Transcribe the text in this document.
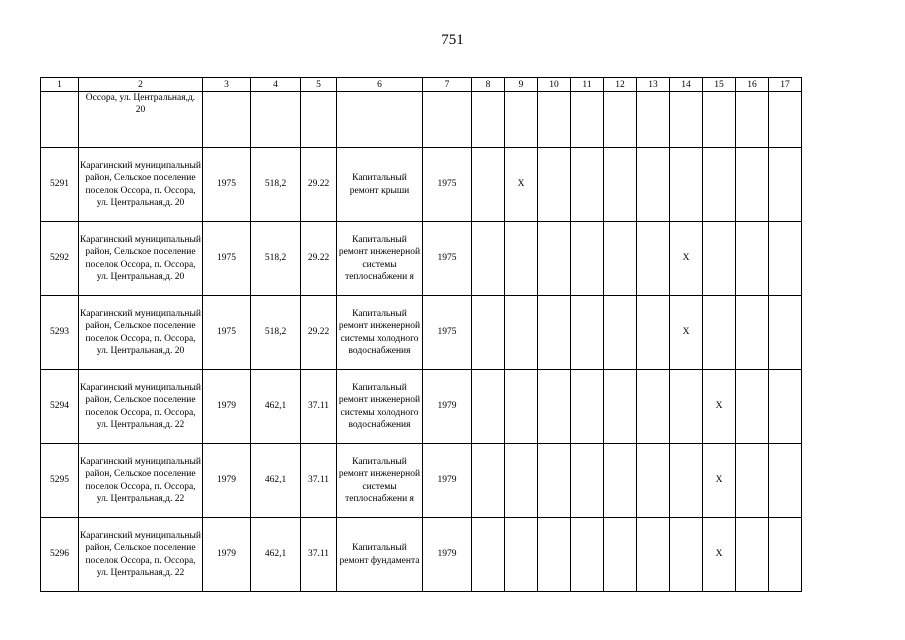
751
1	2	3	4	5	6	7	8	9	10	11	12	13	14	15	16	17
	Оссора, ул. Центральная,д. 20															
5291	Карагинский муниципальный район, Сельское поселение поселок Оссора, п. Оссора, ул. Центральная,д. 20	1975	518,2	29.22	Капитальный ремонт крыши	1975		X								
5292	Карагинский муниципальный район, Сельское поселение поселок Оссора, п. Оссора, ул. Центральная,д. 20	1975	518,2	29.22	Капитальный ремонт инженерной системы теплоснабжени я	1975							X			
5293	Карагинский муниципальный район, Сельское поселение поселок Оссора, п. Оссора, ул. Центральная,д. 20	1975	518,2	29.22	Капитальный ремонт инженерной системы холодного водоснабжения	1975							X			
5294	Карагинский муниципальный район, Сельское поселение поселок Оссора, п. Оссора, ул. Центральная,д. 22	1979	462,1	37.11	Капитальный ремонт инженерной системы холодного водоснабжения	1979								X		
5295	Карагинский муниципальный район, Сельское поселение поселок Оссора, п. Оссора, ул. Центральная,д. 22	1979	462,1	37.11	Капитальный ремонт инженерной системы теплоснабжени я	1979								X		
5296	Карагинский муниципальный район, Сельское поселение поселок Оссора, п. Оссора, ул. Центральная,д. 22	1979	462,1	37.11	Капитальный ремонт фундамента	1979								X		
